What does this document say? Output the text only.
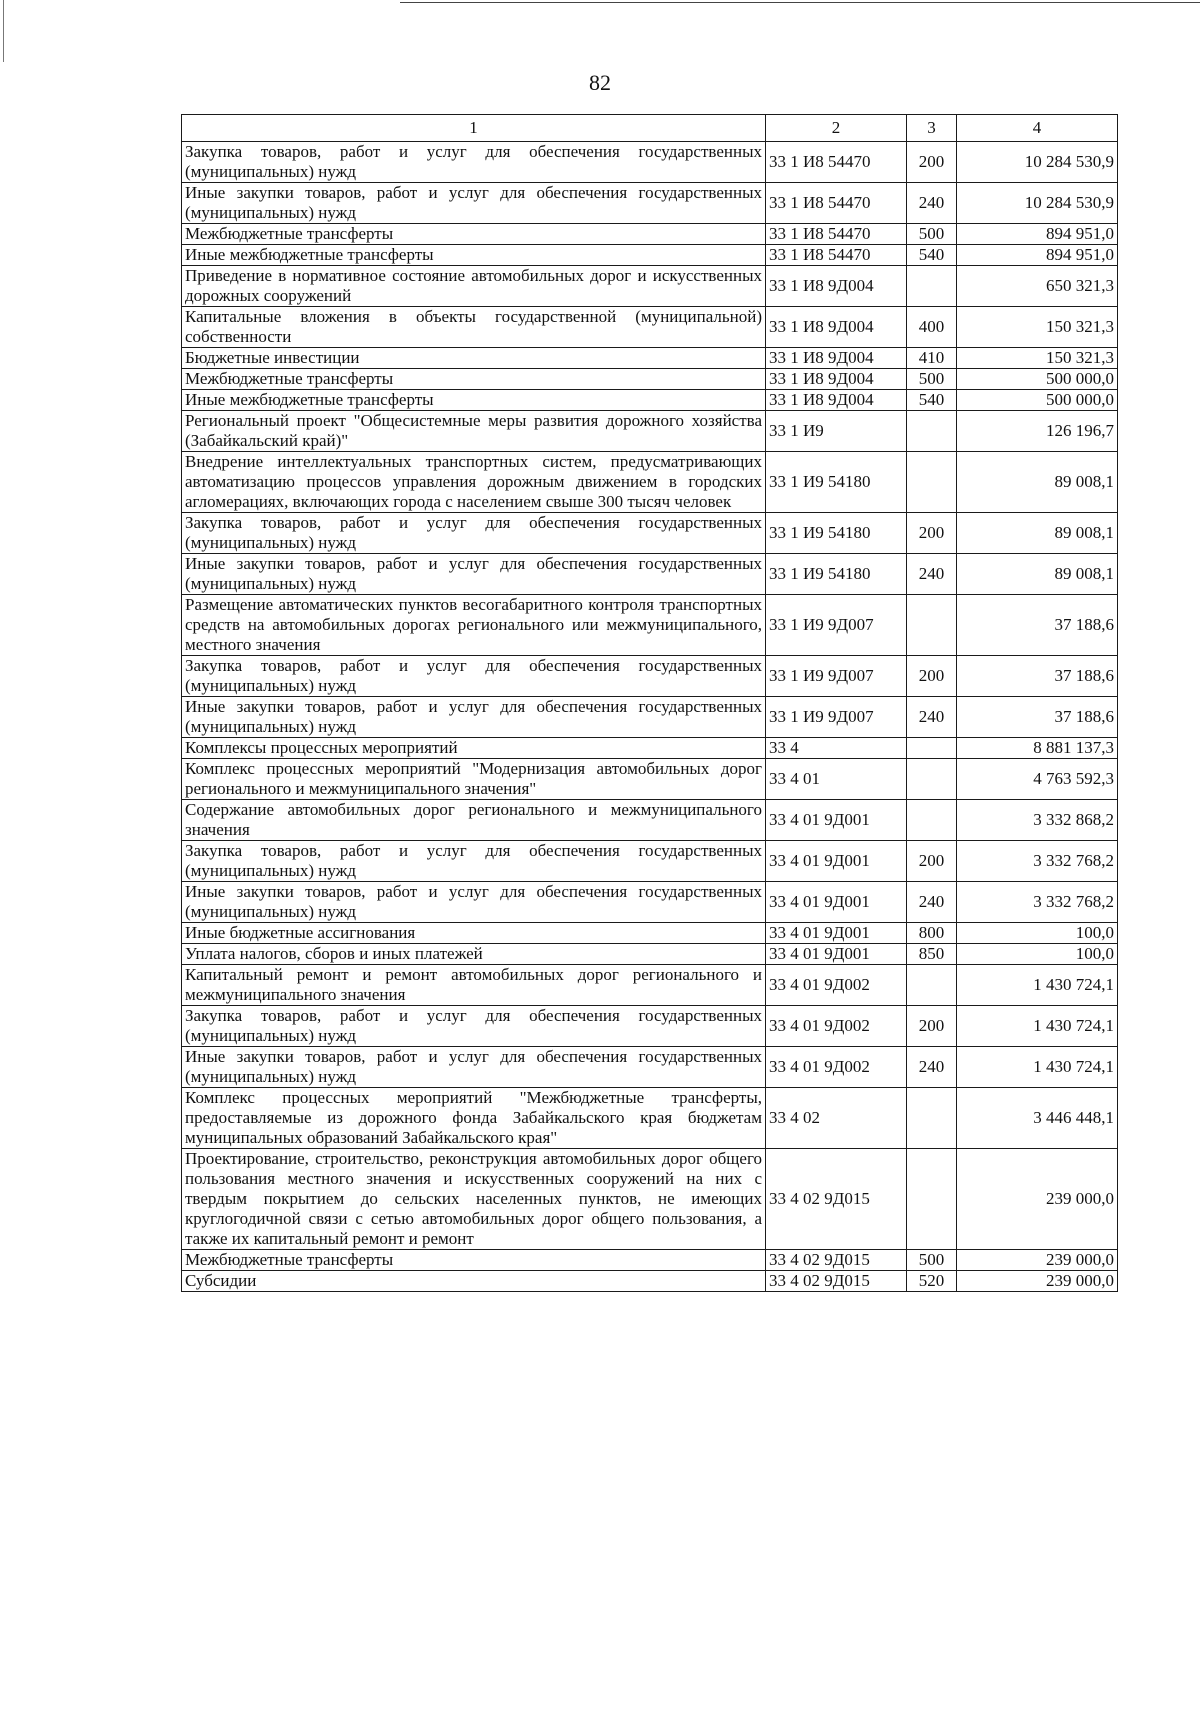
82
1	2	3	4
Закупка товаров, работ и услуг для обеспечения государственных (муниципальных) нужд	33 1 И8 54470	200	10 284 530,9
Иные закупки товаров, работ и услуг для обеспечения государственных (муниципальных) нужд	33 1 И8 54470	240	10 284 530,9
Межбюджетные трансферты	33 1 И8 54470	500	894 951,0
Иные межбюджетные трансферты	33 1 И8 54470	540	894 951,0
Приведение в нормативное состояние автомобильных дорог и искусственных дорожных сооружений	33 1 И8 9Д004		650 321,3
Капитальные вложения в объекты государственной (муниципальной) собственности	33 1 И8 9Д004	400	150 321,3
Бюджетные инвестиции	33 1 И8 9Д004	410	150 321,3
Межбюджетные трансферты	33 1 И8 9Д004	500	500 000,0
Иные межбюджетные трансферты	33 1 И8 9Д004	540	500 000,0
Региональный проект "Общесистемные меры развития дорожного хозяйства (Забайкальский край)"	33 1 И9		126 196,7
Внедрение интеллектуальных транспортных систем, предусматривающих автоматизацию процессов управления дорожным движением в городских агломерациях, включающих города с населением свыше 300 тысяч человек	33 1 И9 54180		89 008,1
Закупка товаров, работ и услуг для обеспечения государственных (муниципальных) нужд	33 1 И9 54180	200	89 008,1
Иные закупки товаров, работ и услуг для обеспечения государственных (муниципальных) нужд	33 1 И9 54180	240	89 008,1
Размещение автоматических пунктов весогабаритного контроля транспортных средств на автомобильных дорогах регионального или межмуниципального, местного значения	33 1 И9 9Д007		37 188,6
Закупка товаров, работ и услуг для обеспечения государственных (муниципальных) нужд	33 1 И9 9Д007	200	37 188,6
Иные закупки товаров, работ и услуг для обеспечения государственных (муниципальных) нужд	33 1 И9 9Д007	240	37 188,6
Комплексы процессных мероприятий	33 4		8 881 137,3
Комплекс процессных мероприятий "Модернизация автомобильных дорог регионального и межмуниципального значения"	33 4 01		4 763 592,3
Содержание автомобильных дорог регионального и межмуниципального значения	33 4 01 9Д001		3 332 868,2
Закупка товаров, работ и услуг для обеспечения государственных (муниципальных) нужд	33 4 01 9Д001	200	3 332 768,2
Иные закупки товаров, работ и услуг для обеспечения государственных (муниципальных) нужд	33 4 01 9Д001	240	3 332 768,2
Иные бюджетные ассигнования	33 4 01 9Д001	800	100,0
Уплата налогов, сборов и иных платежей	33 4 01 9Д001	850	100,0
Капитальный ремонт и ремонт автомобильных дорог регионального и межмуниципального значения	33 4 01 9Д002		1 430 724,1
Закупка товаров, работ и услуг для обеспечения государственных (муниципальных) нужд	33 4 01 9Д002	200	1 430 724,1
Иные закупки товаров, работ и услуг для обеспечения государственных (муниципальных) нужд	33 4 01 9Д002	240	1 430 724,1
Комплекс процессных мероприятий "Межбюджетные трансферты, предоставляемые из дорожного фонда Забайкальского края бюджетам муниципальных образований Забайкальского края"	33 4 02		3 446 448,1
Проектирование, строительство, реконструкция автомобильных дорог общего пользования местного значения и искусственных сооружений на них с твердым покрытием до сельских населенных пунктов, не имеющих круглогодичной связи с сетью автомобильных дорог общего пользования, а также их капитальный ремонт и ремонт	33 4 02 9Д015		239 000,0
Межбюджетные трансферты	33 4 02 9Д015	500	239 000,0
Субсидии	33 4 02 9Д015	520	239 000,0
